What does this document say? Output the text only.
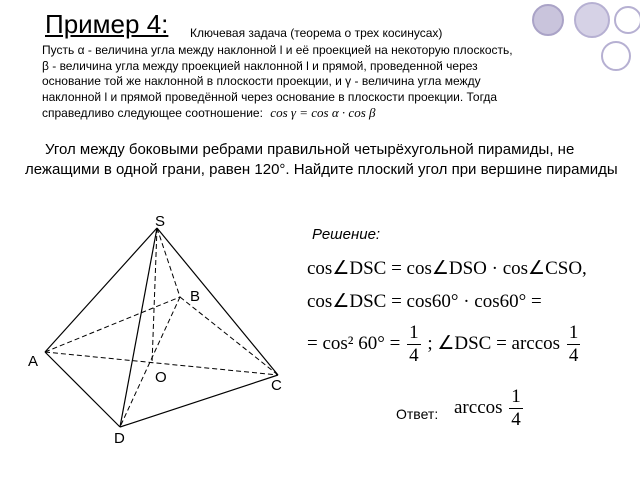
Пример 4: Ключевая задача (теорема о трех косинусах)

Пусть α - величина угла между наклонной l и её проекцией на некоторую плоскость,

β - величина угла между проекцией наклонной l и прямой, проведенной через

основание той же наклонной в плоскости проекции, и γ - величина угла между

наклонной l и прямой проведённой через основание в плоскости проекции. Тогда

справедливо следующее соотношение: cos γ = cos α · cos β

Угол между боковыми ребрами правильной четырёхугольной пирамиды, не лежащими в одной грани, равен 120°. Найдите плоский угол при вершине пирамиды
S
A
B
C
D
O
Решение:
cos∠DSC = cos∠DSO · cos∠CSO,
cos∠DSC = cos60° · cos60° =
= cos² $60^\circ = \frac{1}{4}$ ; ∠DSC = $\arccos \frac{1}{4}$
Ответ: $\arccos \frac{1}{4}$
